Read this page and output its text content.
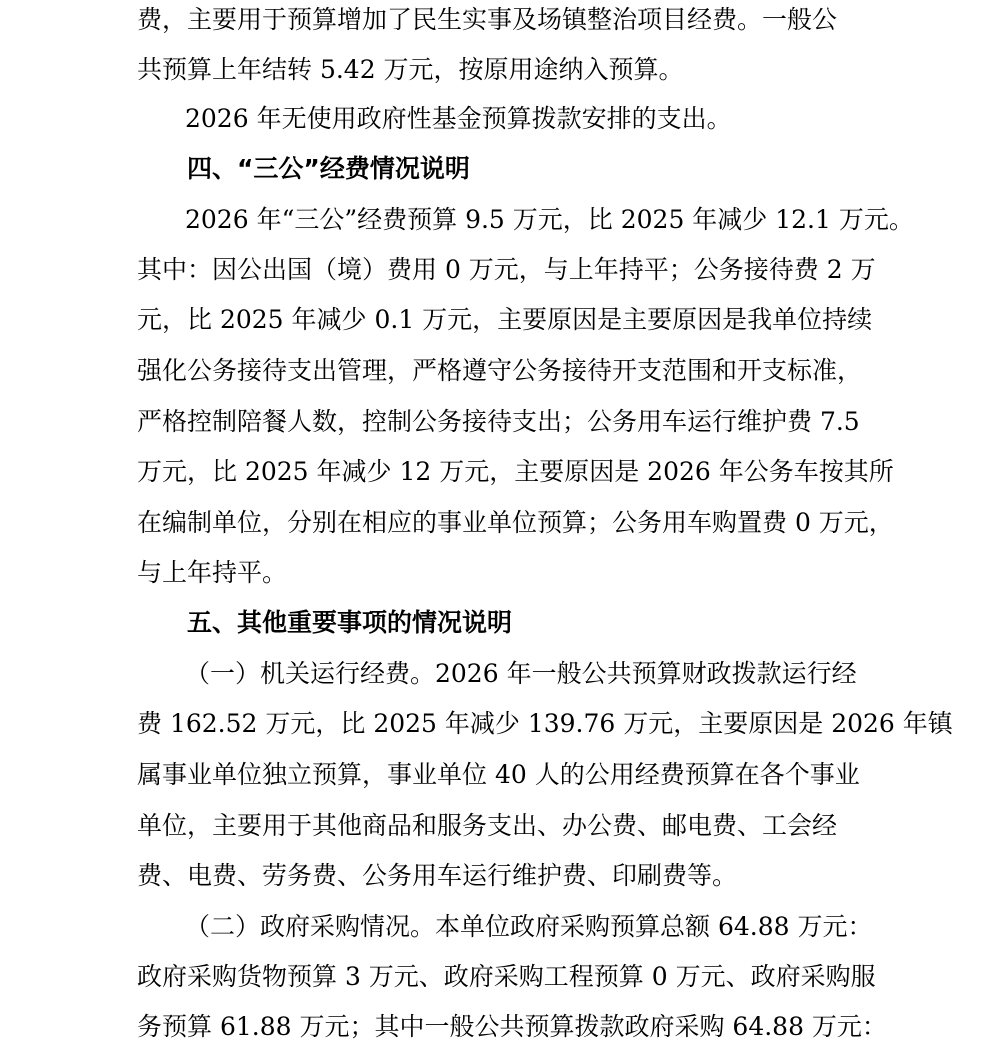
费，主要用于预算增加了民生实事及场镇整治项目经费。一般公
共预算上年结转 5.42 万元，按原用途纳入预算。
2026 年无使用政府性基金预算拨款安排的支出。
四、“三公”经费情况说明
2026 年“三公”经费预算 9.5 万元，比 2025 年减少 12.1 万元。
其中：因公出国（境）费用 0 万元，与上年持平；公务接待费 2 万
元，比 2025 年减少 0.1 万元，主要原因是主要原因是我单位持续
强化公务接待支出管理，严格遵守公务接待开支范围和开支标准，
严格控制陪餐人数，控制公务接待支出；公务用车运行维护费 7.5
万元，比 2025 年减少 12 万元，主要原因是 2026 年公务车按其所
在编制单位，分别在相应的事业单位预算；公务用车购置费 0 万元，
与上年持平。
五、其他重要事项的情况说明
（一）机关运行经费。2026 年一般公共预算财政拨款运行经
费 162.52 万元，比 2025 年减少 139.76 万元，主要原因是 2026 年镇
属事业单位独立预算，事业单位 40 人的公用经费预算在各个事业
单位，主要用于其他商品和服务支出、办公费、邮电费、工会经
费、电费、劳务费、公务用车运行维护费、印刷费等。
（二）政府采购情况。本单位政府采购预算总额 64.88 万元：
政府采购货物预算 3 万元、政府采购工程预算 0 万元、政府采购服
务预算 61.88 万元；其中一般公共预算拨款政府采购 64.88 万元：
